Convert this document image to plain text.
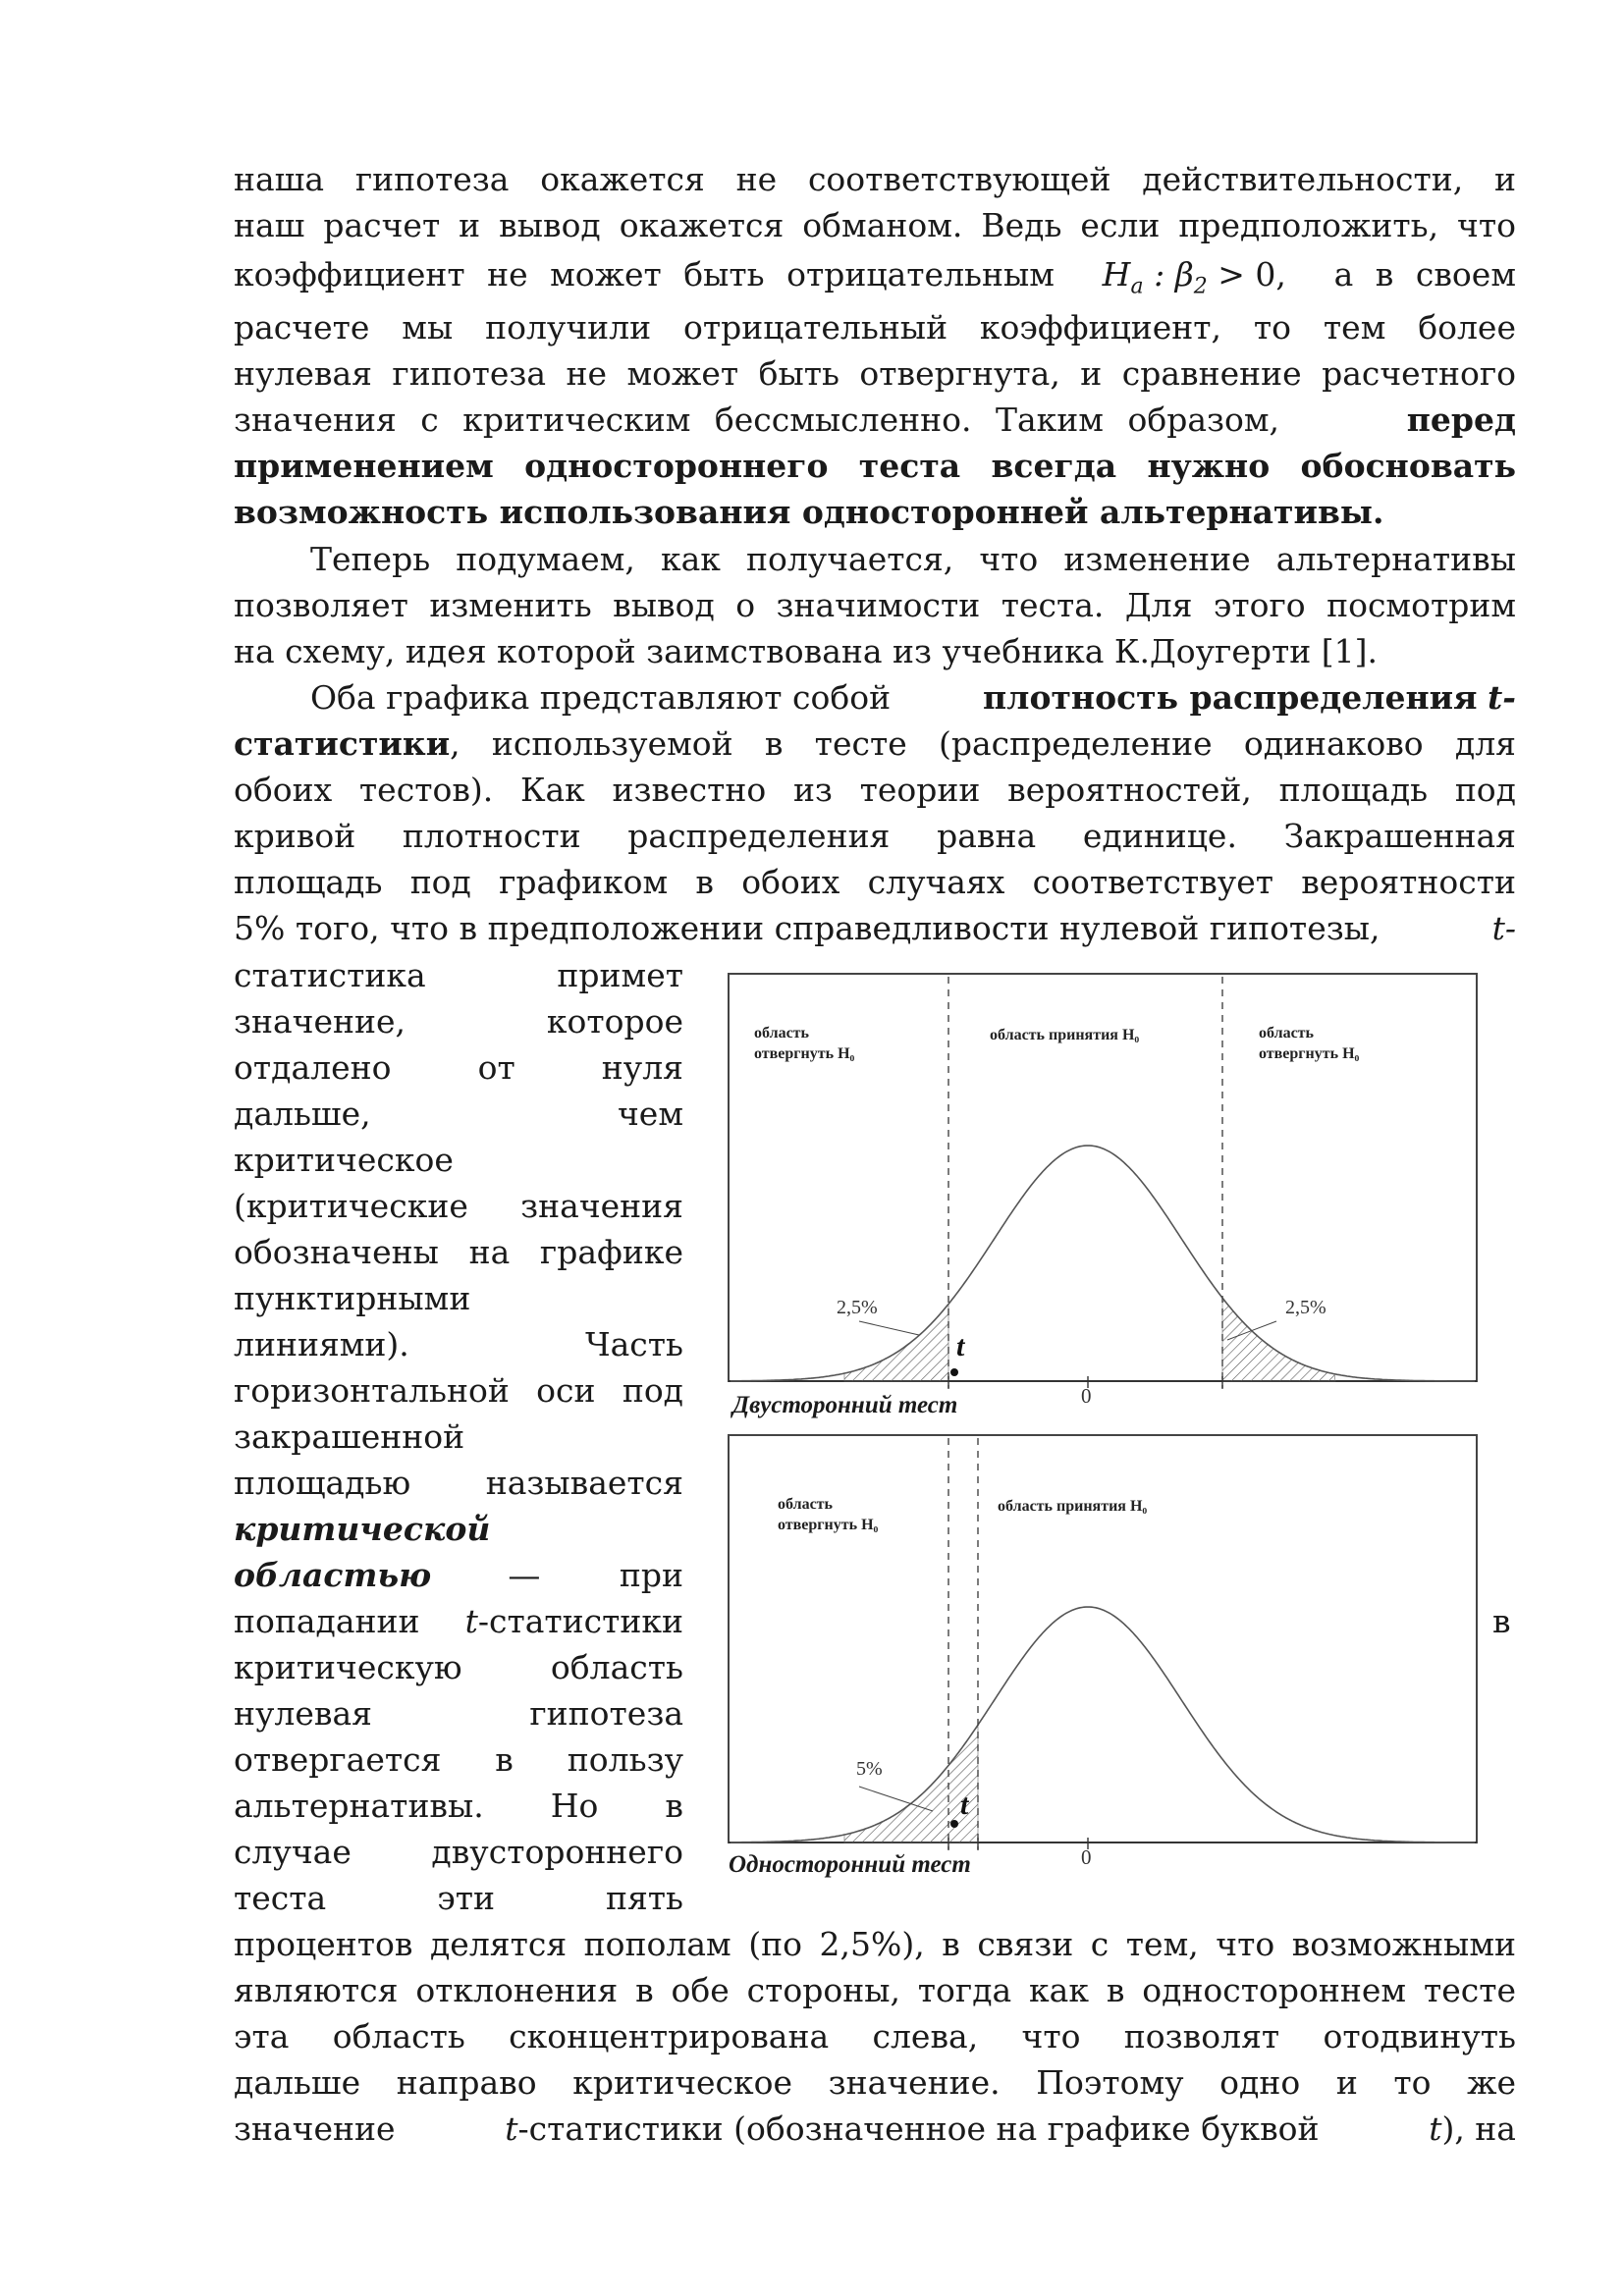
наша гипотеза окажется не соответствующей действительности, и
наш расчет и вывод окажется обманом. Ведь если предположить, что
коэффициент не может быть отрицательным $H_a$ : $\beta_2 > 0$, а в своем
расчете мы получили отрицательный коэффициент, то тем более
нулевая гипотеза не может быть отвергнута, и сравнение расчетного
значения с критическим бессмысленно. Таким образом,	перед
применением одностороннего теста всегда нужно обосновать
возможность использования односторонней альтернативы.
Теперь подумаем, как получается, что изменение альтернативы
позволяет изменить вывод о значимости теста. Для этого посмотрим
на схему, идея которой заимствована из учебника К.Доугерти [1].
Оба графика представляют собой	плотность распределения t-
статистики , используемой в тесте (распределение одинаково для
обоих тестов). Как известно из теории вероятностей, площадь под
кривой плотности распределения равна единице. Закрашенная
площадь под графиком в обоих случаях соответствует вероятности
5% того, что в предположении справедливости нулевой гипотезы,	t-
статистика примет
значение, которое
отдалено от нуля
дальше, чем
критическое
(критические значения
обозначены на графике
пунктирными
линиями). Часть
горизонтальной оси под
закрашенной
площадью называется
критической
областью — при
попадании t-статистики	в
критическую область
нулевая гипотеза
отвергается в пользу
альтернативы. Но в
случае двустороннего
теста эти пять
процентов делятся пополам (по 2,5%), в связи с тем, что возможными
являются отклонения в обе стороны, тогда как в одностороннем тесте
эта область сконцентрирована слева, что позволят отодвинуть
дальше направо критическое значение. Поэтому одно и то же
значение	t-статистики (обозначенное на графике буквой	t), на
область
отвергнуть H₀
область принятия H₀	область
отвергнуть H₀
2,5%	2,5%
t
0
Двусторонний тест
область
отвергнуть H₀
область принятия H₀
5%
t
0
Односторонний тест
